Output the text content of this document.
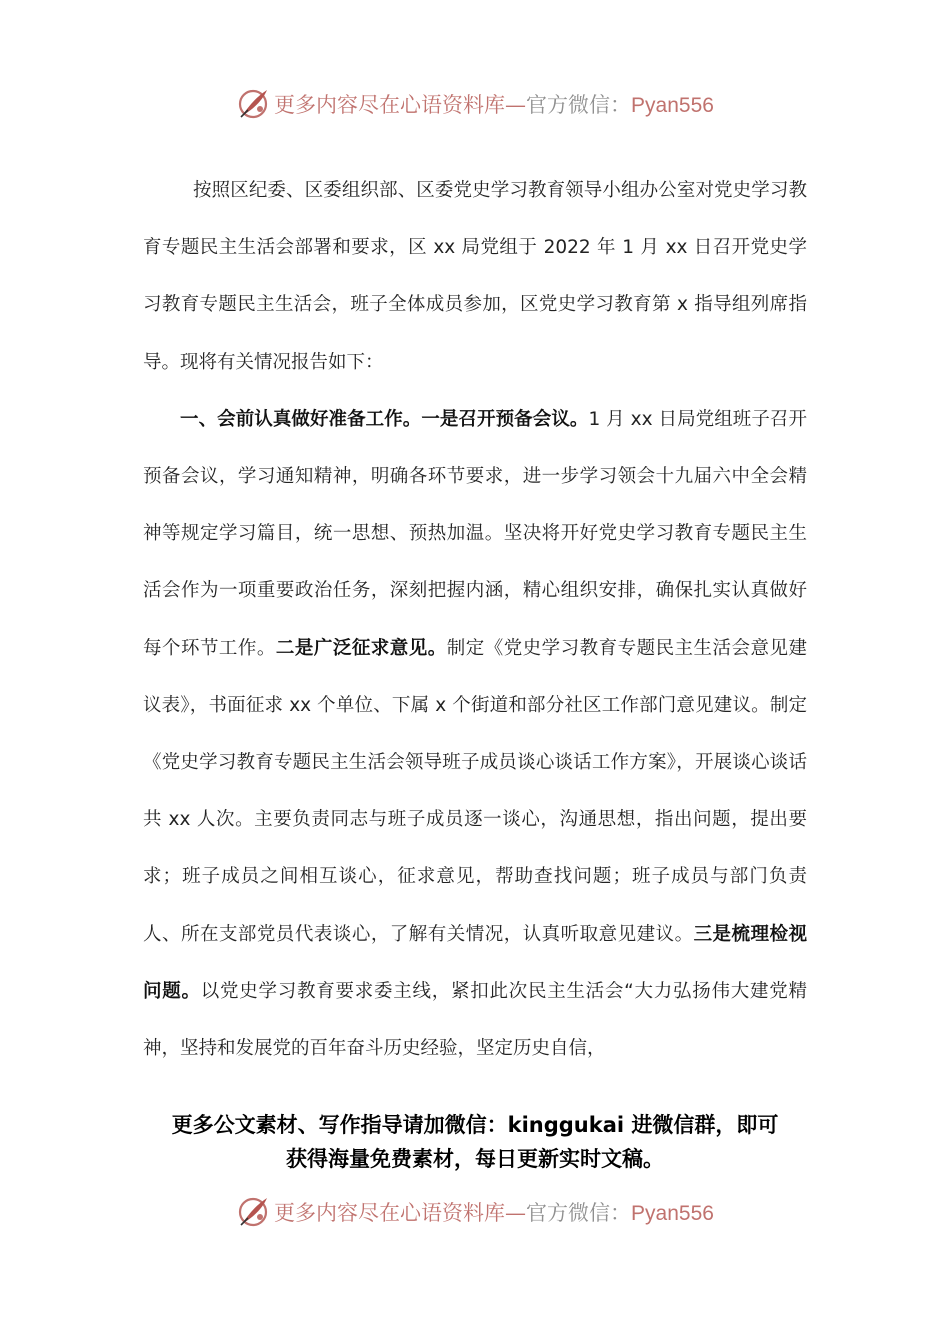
更多内容尽在心语资料库—官方微信：Pyan556

按照区纪委、区委组织部、区委党史学习教育领导小组办公室对党史学习教育专题民主生活会部署和要求，区 xx 局党组于 2022 年 1 月 xx 日召开党史学习教育专题民主生活会，班子全体成员参加，区党史学习教育第 x 指导组列席指导。现将有关情况报告如下：

一、会前认真做好准备工作。一是召开预备会议。1 月 xx 日局党组班子召开预备会议，学习通知精神，明确各环节要求，进一步学习领会十九届六中全会精神等规定学习篇目，统一思想、预热加温。坚决将开好党史学习教育专题民主生活会作为一项重要政治任务，深刻把握内涵，精心组织安排，确保扎实认真做好每个环节工作。二是广泛征求意见。制定《党史学习教育专题民主生活会意见建议表》，书面征求 xx 个单位、下属 x 个街道和部分社区工作部门意见建议。制定《党史学习教育专题民主生活会领导班子成员谈心谈话工作方案》，开展谈心谈话共 xx 人次。主要负责同志与班子成员逐一谈心，沟通思想，指出问题，提出要求；班子成员之间相互谈心，征求意见，帮助查找问题；班子成员与部门负责人、所在支部党员代表谈心，了解有关情况，认真听取意见建议。三是梳理检视问题。以党史学习教育要求委主线，紧扣此次民主生活会“大力弘扬伟大建党精神，坚持和发展党的百年奋斗历史经验，坚定历史自信，

更多公文素材、写作指导请加微信：kinggukai 进微信群，即可
获得海量免费素材，每日更新实时文稿。
更多内容尽在心语资料库—官方微信：Pyan556
